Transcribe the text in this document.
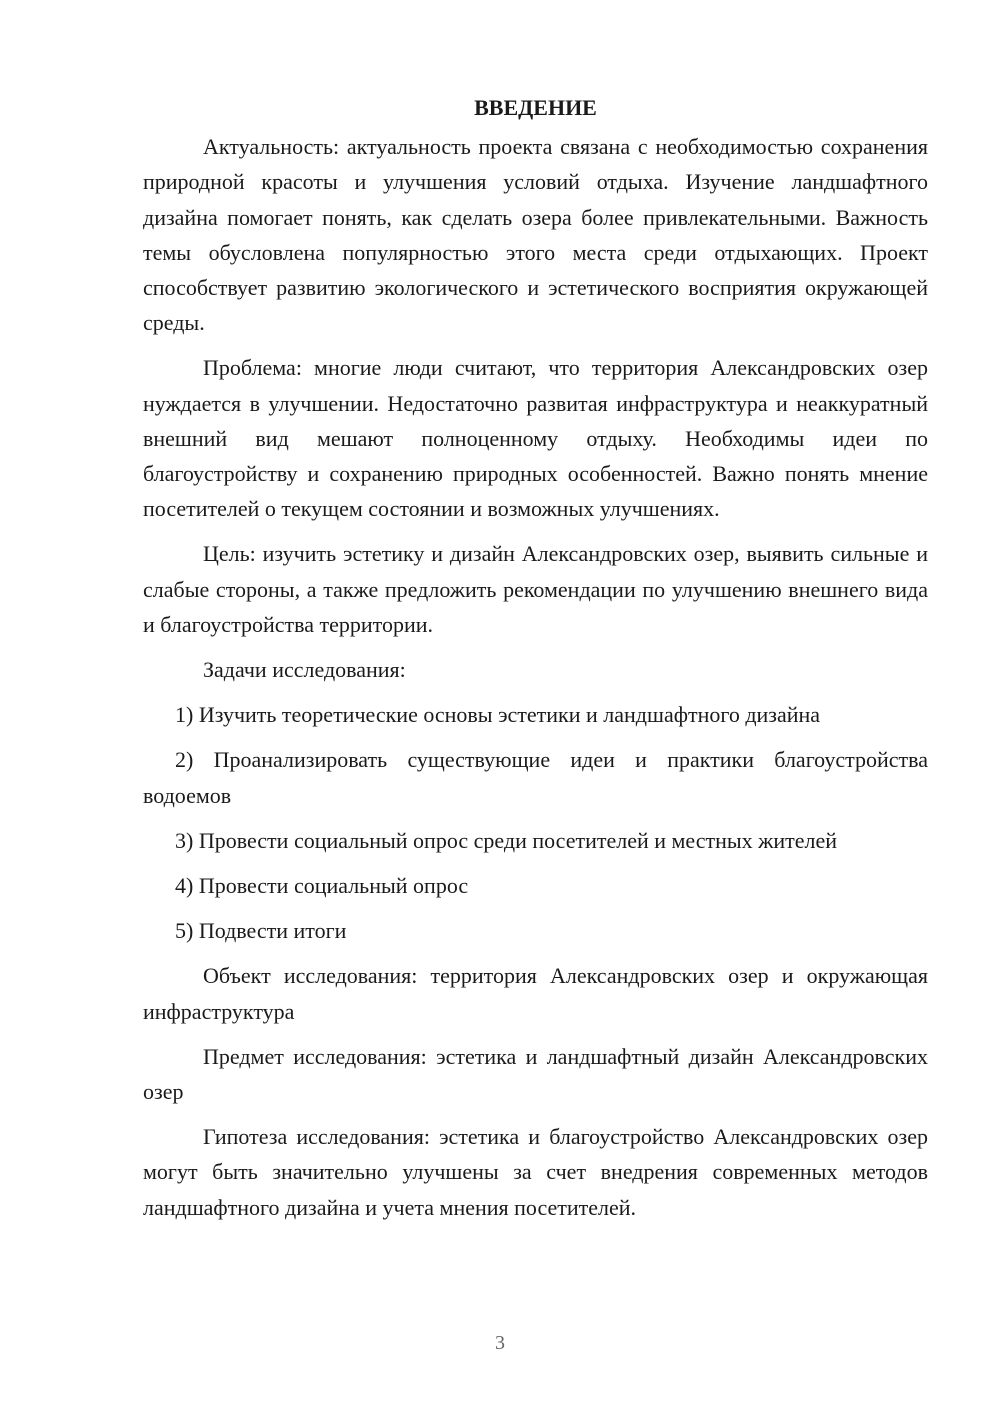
ВВЕДЕНИЕ

Актуальность: актуальность проекта связана с необходимостью сохранения природной красоты и улучшения условий отдыха. Изучение ландшафтного дизайна помогает понять, как сделать озера более привлекательными. Важность темы обусловлена популярностью этого места среди отдыхающих. Проект способствует развитию экологического и эстетического восприятия окружающей среды.

Проблема: многие люди считают, что территория Александровских озер нуждается в улучшении. Недостаточно развитая инфраструктура и неаккуратный внешний вид мешают полноценному отдыху. Необходимы идеи по благоустройству и сохранению природных особенностей. Важно понять мнение посетителей о текущем состоянии и возможных улучшениях.

Цель: изучить эстетику и дизайн Александровских озер, выявить сильные и слабые стороны, а также предложить рекомендации по улучшению внешнего вида и благоустройства территории.

Задачи исследования:

1) Изучить теоретические основы эстетики и ландшафтного дизайна

2) Проанализировать существующие идеи и практики благоустройства водоемов

3) Провести социальный опрос среди посетителей и местных жителей

4) Провести социальный опрос

5) Подвести итоги

Объект исследования: территория Александровских озер и окружающая инфраструктура

Предмет исследования: эстетика и ландшафтный дизайн Александровских озер

Гипотеза исследования: эстетика и благоустройство Александровских озер могут быть значительно улучшены за счет внедрения современных методов ландшафтного дизайна и учета мнения посетителей.

3
